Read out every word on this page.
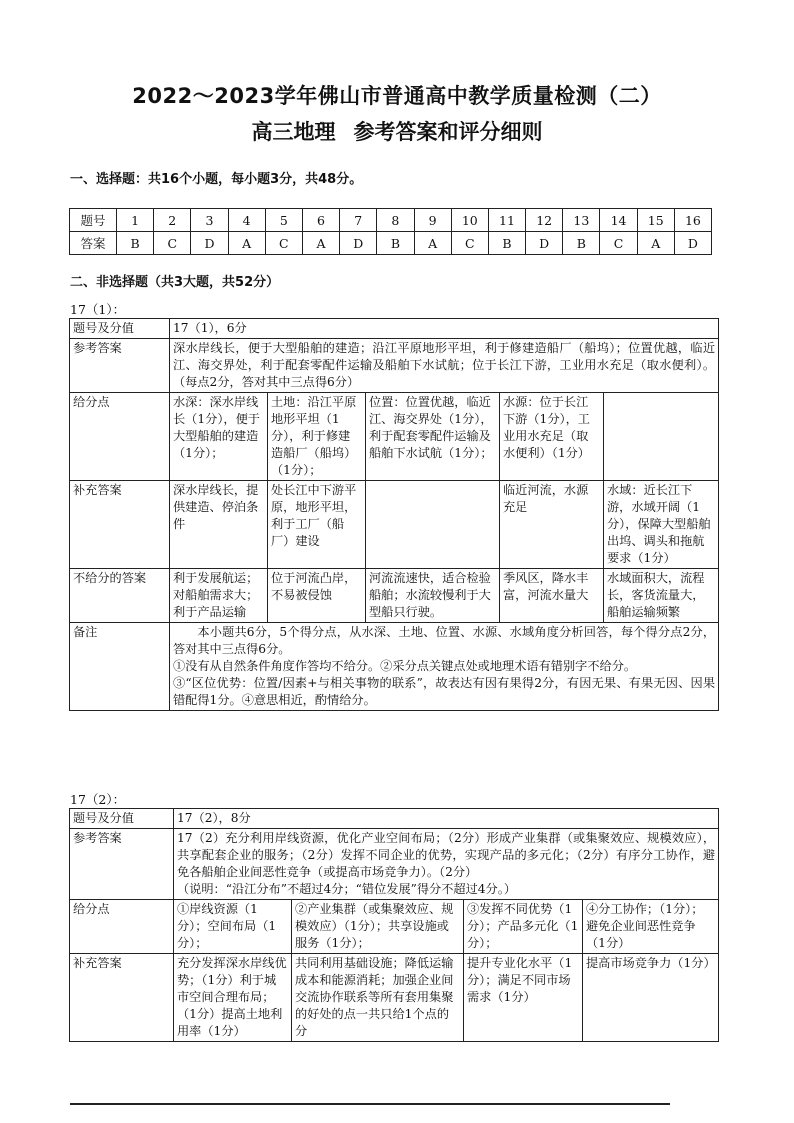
2022～2023学年佛山市普通高中教学质量检测（二）
高三地理 参考答案和评分细则
一、选择题：共16个小题，每小题3分，共48分。
题号	1	2	3	4	5	6	7	8	9	10	11	12	13	14	15	16
答案	B	C	D	A	C	A	D	B	A	C	B	D	B	C	A	D
二、非选择题（共3大题，共52分）
17（1）：
题号及分值	17（1），6分				
参考答案	深水岸线长，便于大型船舶的建造；沿江平原地形平坦，利于修建造船厂（船坞）；位置优越，临近江、海交界处，利于配套零配件运输及船舶下水试航；位于长江下游，工业用水充足（取水便利）。（每点2分，答对其中三点得6分）				
给分点	水深：深水岸线长（1分），便于大型船舶的建造（1分）；	土地：沿江平原地形平坦（1分），利于修建造船厂（船坞）（1分）；	位置：位置优越，临近江、海交界处（1分），利于配套零配件运输及船舶下水试航（1分）；	水源：位于长江下游（1分），工业用水充足（取水便利）（1分）	
补充答案	深水岸线长，提供建造、停泊条件	处长江中下游平原，地形平坦，利于工厂（船厂）建设		临近河流，水源充足	水域：近长江下游，水域开阔（1分），保障大型船舶出坞、调头和拖航要求（1分）
不给分的答案	利于发展航运；对船舶需求大；利于产品运输	位于河流凸岸，不易被侵蚀	河流流速快，适合检验船舶；水流较慢利于大型船只行驶。	季风区，降水丰富，河流水量大	水域面积大，流程长，客货流量大，船舶运输频繁
备注	本小题共6分，5个得分点，从水深、土地、位置、水源、水域角度分析回答，每个得分点2分，答对其中三点得6分。
①没有从自然条件角度作答均不给分。②采分点关键点处或地理术语有错别字不给分。
③“区位优势：位置/因素+与相关事物的联系”，故表达有因有果得2分，有因无果、有果无因、因果错配得1分。④意思相近，酌情给分。				
17（2）：
题号及分值	17（2），8分			
参考答案	17（2）充分利用岸线资源，优化产业空间布局；（2分）形成产业集群（或集聚效应、规模效应），共享配套企业的服务；（2分）发挥不同企业的优势，实现产品的多元化；（2分）有序分工协作，避免各船舶企业间恶性竞争（或提高市场竞争力）。（2分）
（说明：“沿江分布”不超过4分；“错位发展”得分不超过4分。）			

给分点	①岸线资源（1分）；空间布局（1分）；	②产业集群（或集聚效应、规模效应）（1分）；共享设施或服务（1分）；	③发挥不同优势（1分）；产品多元化（1分）；	④分工协作；（1分）；避免企业间恶性竞争（1分）
补充答案	充分发挥深水岸线优势；（1分）利于城市空间合理布局；（1分）提高土地利用率（1分）	共同利用基础设施；降低运输成本和能源消耗；加强企业间交流协作联系等所有套用集聚的好处的点一共只给1个点的分	提升专业化水平（1分）；满足不同市场需求（1分）	提高市场竞争力（1分）
